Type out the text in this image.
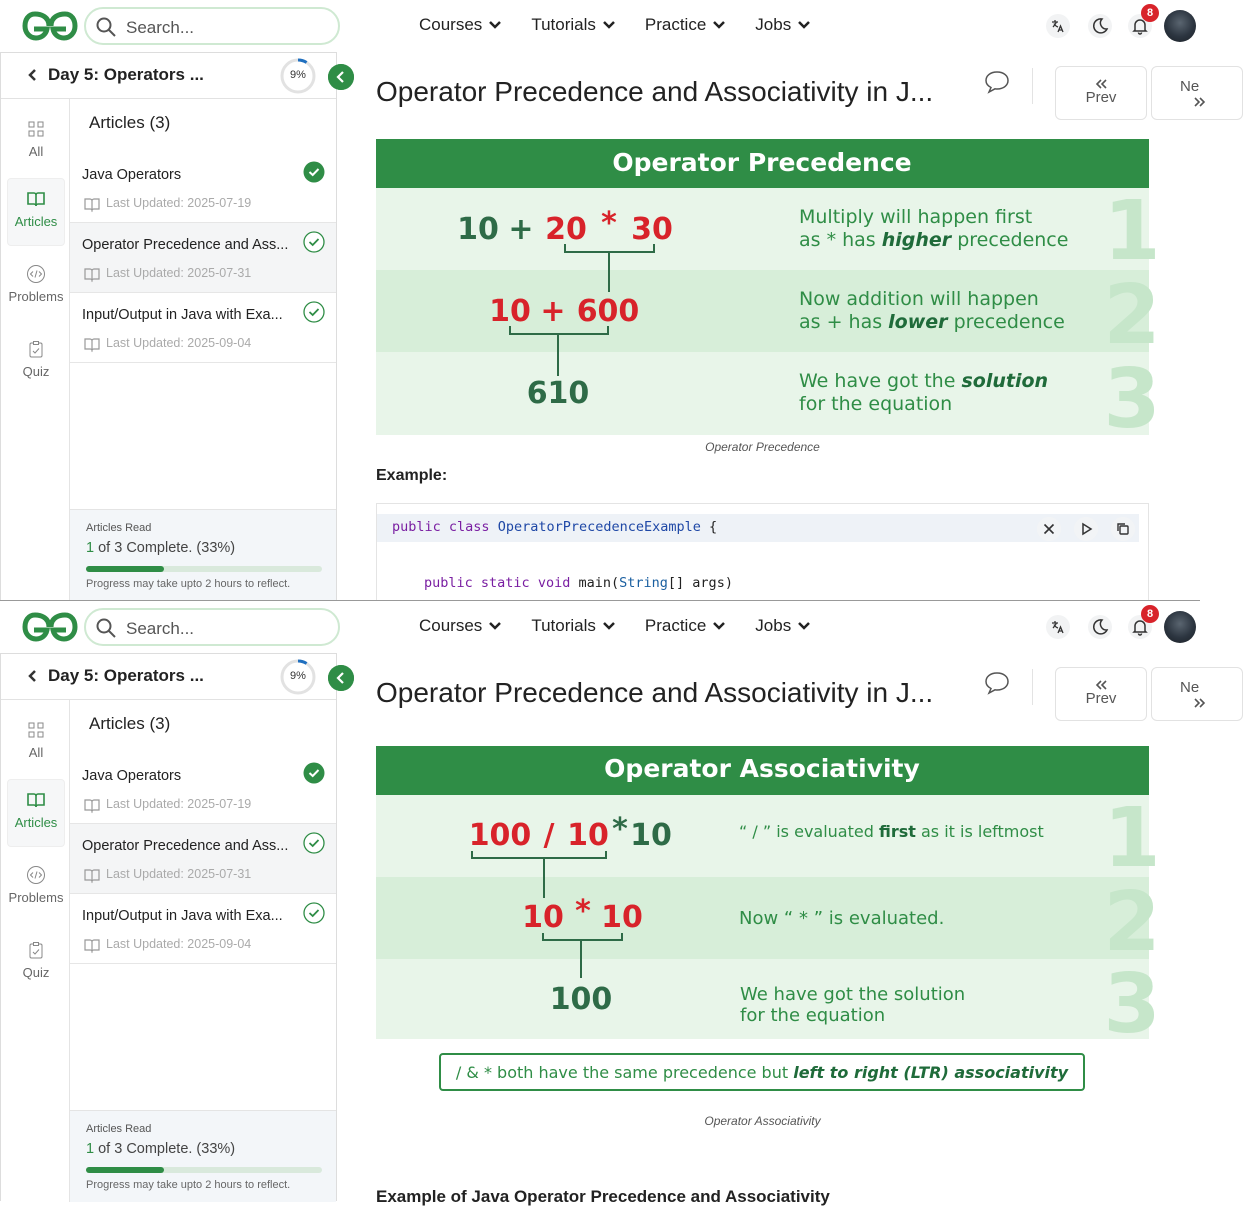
Search...	Courses	Tutorials	Practice	Jobs
8
Day 5: Operators ...	9%
All
Articles
Problems
Quiz
Articles (3)
Java Operators
Last Updated: 2025-07-19
Operator Precedence and Ass...
Last Updated: 2025-07-31
Input/Output in Java with Exa...
Last Updated: 2025-09-04
Articles Read
1 of 3 Complete. (33%)
Progress may take upto 2 hours to reflect.
Operator Precedence and Associativity in J...	Prev
Ne
Operator Precedence
1
2
3
10 + 20 * 30
10 + 600
610
Multiply will happen first
as * has higher precedence
Now addition will happen
as + has lower precedence
We have got the solution
for the equation
Operator Precedence
Example:
public class OperatorPrecedenceExample {
public static void main(String[] args)
Search...	Courses	Tutorials	Practice	Jobs
8
Day 5: Operators ...	9%
All
Articles
Problems
Quiz
Articles (3)
Java Operators
Last Updated: 2025-07-19
Operator Precedence and Ass...
Last Updated: 2025-07-31
Input/Output in Java with Exa...
Last Updated: 2025-09-04
Articles Read
1 of 3 Complete. (33%)
Progress may take upto 2 hours to reflect.
Operator Precedence and Associativity in J...	Prev
Ne
Operator Associativity
1
2
3
100 / 10 * 10
10 * 10
100
“ / ” is evaluated first as it is leftmost
Now “ * ” is evaluated.
We have got the solution
for the equation
/ & * both have the same precedence but left to right (LTR) associativity
Operator Associativity
Example of Java Operator Precedence and Associativity
